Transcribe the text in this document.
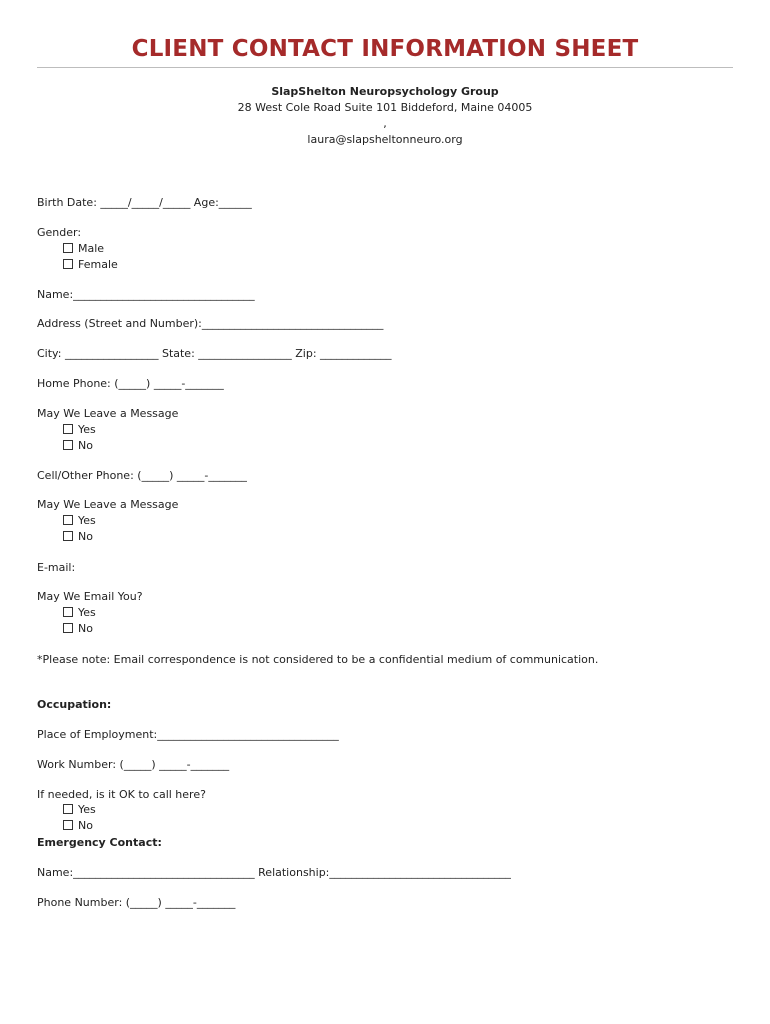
CLIENT CONTACT INFORMATION SHEET
SlapShelton Neuropsychology Group
28 West Cole Road Suite 101 Biddeford, Maine 04005
,
laura@slapsheltonneuro.org
Birth Date: _____/_____/_____ Age:______
Gender:
Male
Female
Name:_________________________________
Address (Street and Number):_________________________________
City: _________________ State: _________________ Zip: _____________
Home Phone: (_____) _____-_______
May We Leave a Message
Yes
No
Cell/Other Phone: (_____) _____-_______
May We Leave a Message
Yes
No
E-mail:
May We Email You?
Yes
No
*Please note: Email correspondence is not considered to be a confidential medium of communication.
Occupation:
Place of Employment:_________________________________
Work Number: (_____) _____-_______
If needed, is it OK to call here?
Yes
No
Emergency Contact:
Name:_________________________________ Relationship:_________________________________
Phone Number: (_____) _____-_______
